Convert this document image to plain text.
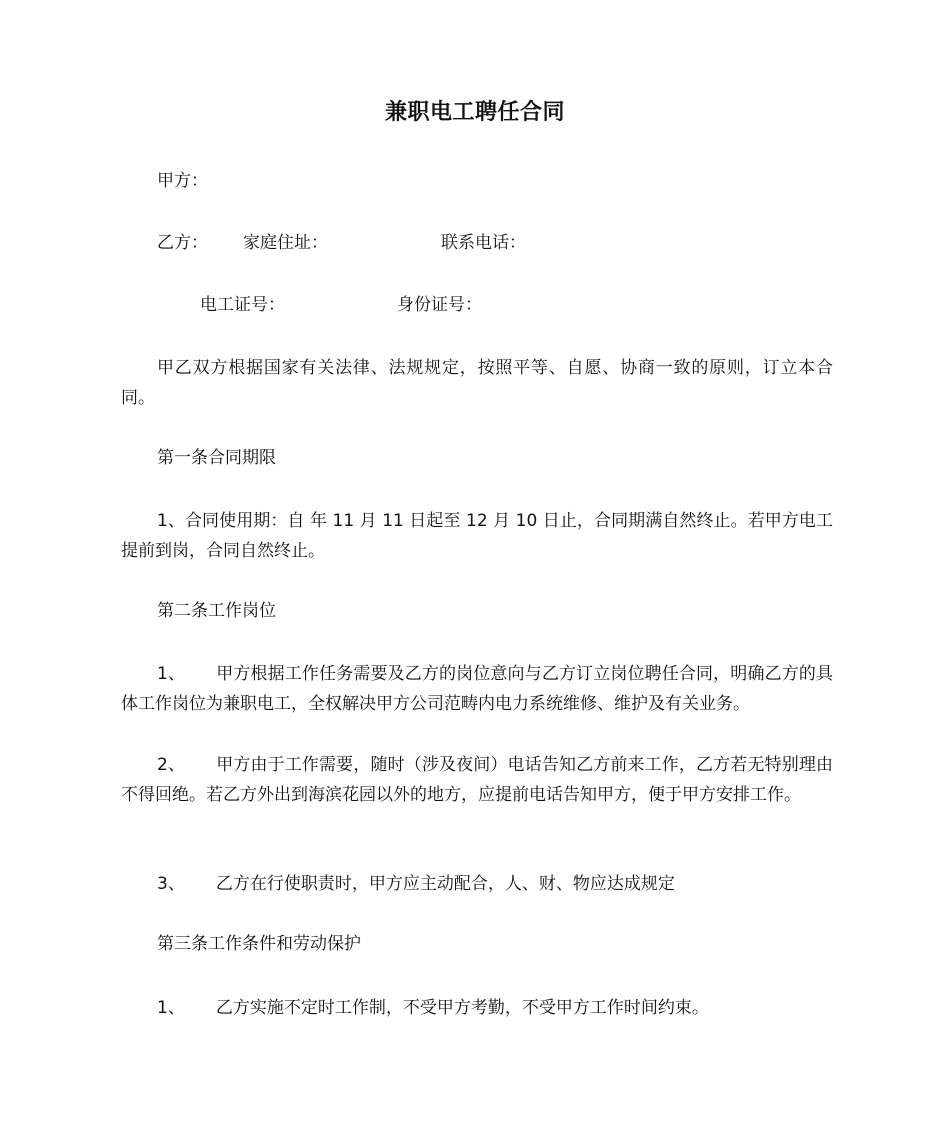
兼职电工聘任合同
甲方：
乙方： 家庭住址：	联系电话：
电工证号：	身份证号：
甲乙双方根据国家有关法律、法规规定，按照平等、自愿、协商一致的原则，订立本合同。
第一条合同期限
1、合同使用期：自 年 11 月 11 日起至 12 月 10 日止，合同期满自然终止。若甲方电工提前到岗，合同自然终止。
第二条工作岗位
1、 甲方根据工作任务需要及乙方的岗位意向与乙方订立岗位聘任合同，明确乙方的具体工作岗位为兼职电工，全权解决甲方公司范畴内电力系统维修、维护及有关业务。
2、 甲方由于工作需要，随时（涉及夜间）电话告知乙方前来工作，乙方若无特别理由不得回绝。若乙方外出到海滨花园以外的地方，应提前电话告知甲方，便于甲方安排工作。
3、 乙方在行使职责时，甲方应主动配合，人、财、物应达成规定
第三条工作条件和劳动保护
1、 乙方实施不定时工作制，不受甲方考勤，不受甲方工作时间约束。
